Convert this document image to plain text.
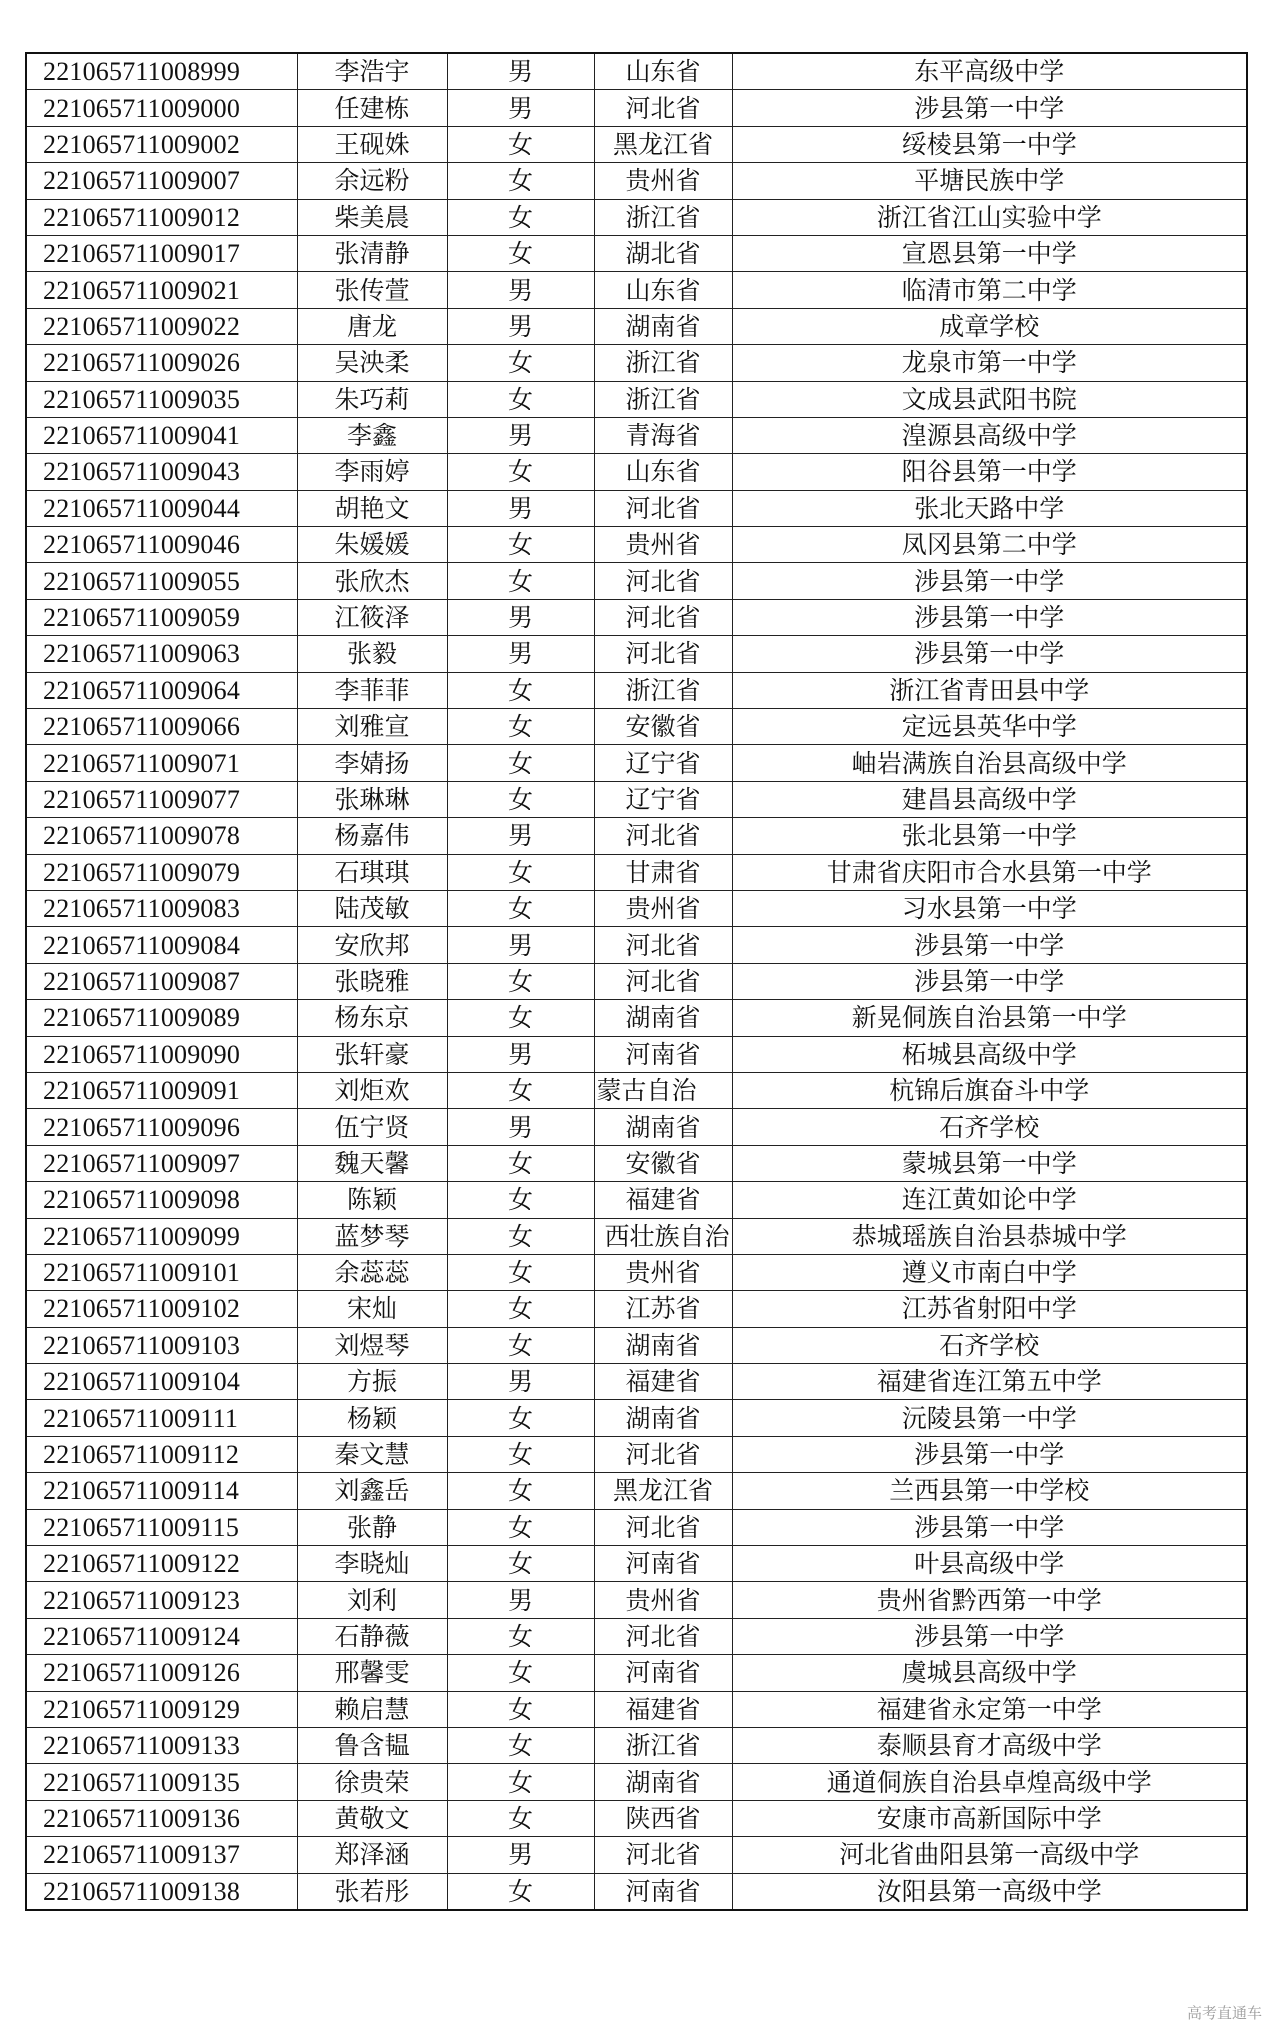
221065711008999	李浩宇	男	山东省	东平高级中学
221065711009000	任建栋	男	河北省	涉县第一中学
221065711009002	王砚姝	女	黑龙江省	绥棱县第一中学
221065711009007	余远粉	女	贵州省	平塘民族中学
221065711009012	柴美晨	女	浙江省	浙江省江山实验中学
221065711009017	张清静	女	湖北省	宣恩县第一中学
221065711009021	张传萱	男	山东省	临清市第二中学
221065711009022	唐龙	男	湖南省	成章学校
221065711009026	吴泱柔	女	浙江省	龙泉市第一中学
221065711009035	朱巧莉	女	浙江省	文成县武阳书院
221065711009041	李鑫	男	青海省	湟源县高级中学
221065711009043	李雨婷	女	山东省	阳谷县第一中学
221065711009044	胡艳文	男	河北省	张北天路中学
221065711009046	朱媛媛	女	贵州省	凤冈县第二中学
221065711009055	张欣杰	女	河北省	涉县第一中学
221065711009059	江筱泽	男	河北省	涉县第一中学
221065711009063	张毅	男	河北省	涉县第一中学
221065711009064	李菲菲	女	浙江省	浙江省青田县中学
221065711009066	刘雅宣	女	安徽省	定远县英华中学
221065711009071	李婧扬	女	辽宁省	岫岩满族自治县高级中学
221065711009077	张琳琳	女	辽宁省	建昌县高级中学
221065711009078	杨嘉伟	男	河北省	张北县第一中学
221065711009079	石琪琪	女	甘肃省	甘肃省庆阳市合水县第一中学
221065711009083	陆茂敏	女	贵州省	习水县第一中学
221065711009084	安欣邦	男	河北省	涉县第一中学
221065711009087	张晓雅	女	河北省	涉县第一中学
221065711009089	杨东京	女	湖南省	新晃侗族自治县第一中学
221065711009090	张轩豪	男	河南省	柘城县高级中学
221065711009091	刘炬欢	女	蒙古自治	杭锦后旗奋斗中学
221065711009096	伍宁贤	男	湖南省	石齐学校
221065711009097	魏天馨	女	安徽省	蒙城县第一中学
221065711009098	陈颖	女	福建省	连江黄如论中学
221065711009099	蓝梦琴	女	西壮族自治	恭城瑶族自治县恭城中学
221065711009101	余蕊蕊	女	贵州省	遵义市南白中学
221065711009102	宋灿	女	江苏省	江苏省射阳中学
221065711009103	刘煜琴	女	湖南省	石齐学校
221065711009104	方振	男	福建省	福建省连江第五中学
221065711009111	杨颖	女	湖南省	沅陵县第一中学
221065711009112	秦文慧	女	河北省	涉县第一中学
221065711009114	刘鑫岳	女	黑龙江省	兰西县第一中学校
221065711009115	张静	女	河北省	涉县第一中学
221065711009122	李晓灿	女	河南省	叶县高级中学
221065711009123	刘利	男	贵州省	贵州省黔西第一中学
221065711009124	石静薇	女	河北省	涉县第一中学
221065711009126	邢馨雯	女	河南省	虞城县高级中学
221065711009129	赖启慧	女	福建省	福建省永定第一中学
221065711009133	鲁含韫	女	浙江省	泰顺县育才高级中学
221065711009135	徐贵荣	女	湖南省	通道侗族自治县卓煌高级中学
221065711009136	黄敬文	女	陕西省	安康市高新国际中学
221065711009137	郑泽涵	男	河北省	河北省曲阳县第一高级中学
221065711009138	张若彤	女	河南省	汝阳县第一高级中学
高考直通车
